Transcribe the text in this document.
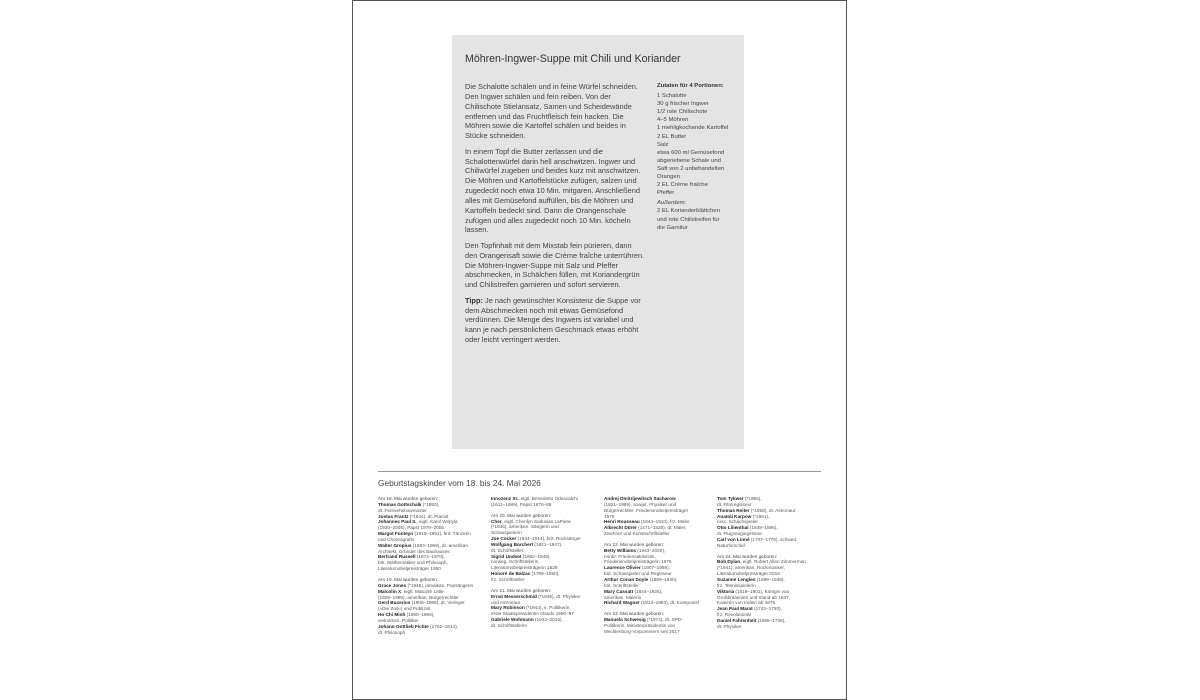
Möhren-Ingwer-Suppe mit Chili und Koriander

Die Schalotte schälen und in feine Würfel schneiden. Den Ingwer schälen und fein reiben. Von der Chilischote Stielansatz, Samen und Scheidewände entfernen und das Fruchtfleisch fein hacken. Die Möhren sowie die Kartoffel schälen und beides in Stücke schneiden.

In einem Topf die Butter zerlassen und die Schalottenwürfel darin hell anschwitzen. Ingwer und Chiliwürfel zugeben und beides kurz mit anschwitzen. Die Möhren und Kartoffelstücke zufügen, salzen und zugedeckt noch etwa 10 Min. mitgaren. Anschließend alles mit Gemüsefond auffüllen, bis die Möhren und Kartoffeln bedeckt sind. Dann die Orangenschale zufügen und alles zugedeckt noch 10 Min. köcheln lassen.

Den Topfinhalt mit dem Mixstab fein pürieren, dann den Orangensaft sowie die Crème fraîche unterrühren. Die Möhren-Ingwer-Suppe mit Salz und Pfeffer abschmecken, in Schälchen füllen, mit Koriandergrün und Chilistreifen garnieren und sofort servieren.

Tipp: Je nach gewünschter Konsistenz die Suppe vor dem Abschmecken noch mit etwas Gemüsefond verdünnen. Die Menge des Ingwers ist variabel und kann je nach persönlichem Geschmack etwas erhöht oder leicht verringert werden.

Zutaten für 4 Portionen:
1 Schalotte
30 g frischer Ingwer
1/2 rote Chilischote
4–5 Möhren
1 mehligkochende Kartoffel
2 EL Butter
Salz
etwa 600 ml Gemüsefond
abgeriebene Schale und
Saft von 2 unbehandelten
Orangen
2 EL Crème fraîche
Pfeffer
Außerdem:
2 EL Korianderblättchen
und rote Chilistreifen für
die Garnitur
Geburtstagskinder vom 18. bis 24. Mai 2026
Am 18. Mai wurden geboren:
Thomas Gottschalk (*1950),
dt. Fernsehshowmaster
Justus Frantz (*1944), dt. Pianist
Johannes Paul II., eigtl. Karol Wojtyla
(1920–2005), Papst 1978–2005
Margot Fonteyn (1919–1991), brit. Tänzerin
und Choreografin
Walter Gropius (1883–1969), dt.-amerikan.
Architekt, Gründer des Bauhauses
Bertrand Russell (1872–1970),
brit. Mathematiker und Philosoph,
Literaturnobelpreisträger 1950
Am 19. Mai wurden geboren:
Grace Jones (*1948), jamaikan. Popsängerin
Malcolm X, eigtl. Malcolm Little
(1925–1965), amerikan. Bürgerrechtler
Gerd Bucerius (1906–1995), dt. Verleger
(»Die Zeit«) und Publizist
Ho Chi Minh (1890–1969),
vietnames. Politiker
Johann Gottlieb Fichte (1762–1814),
dt. Philosoph
Innozenz XI., eigtl. Benedetto Odescalchi
(1611–1689), Papst 1676–89
Am 20. Mai wurden geboren:
Cher, eigtl. Cherilyn Sarkisian LaPiere
(*1946), amerikan. Sängerin und
Schauspielerin
Joe Cocker (1944–2014), brit. Rocksänger
Wolfgang Borchert (1921–1947),
dt. Schriftsteller
Sigrid Undset (1882–1949),
norweg. Schriftstellerin,
Literaturnobelpreisträgerin 1928
Honoré de Balzac (1799–1850),
frz. Schriftsteller
Am 21. Mai wurden geboren:
Ernst Messerschmid (*1945), dt. Physiker
und Astronaut
Mary Robinson (*1944), ir. Politikerin,
erste Staatspräsidentin Irlands 1990–97
Gabriele Wohmann (1932–2015),
dt. Schriftstellerin
Andrej Dmitrijewitsch Sacharow
(1921–1989), sowjet. Physiker und
Bürgerrechtler, Friedensnobelpreisträger
1975
Henri Rousseau (1844–1910), frz. Maler
Albrecht Dürer (1471–1528), dt. Maler,
Zeichner und Kunstschriftsteller
Am 22. Mai wurden geboren:
Betty Williams (1943–2020),
nordir. Friedensaktivistin,
Friedensnobelpreisträgerin 1976
Laurence Olivier (1907–1989),
brit. Schauspieler und Regisseur
Arthur Conan Doyle (1859–1930),
brit. Schriftsteller
Mary Cassatt (1844–1926),
amerikan. Malerin
Richard Wagner (1813–1883), dt. Komponist
Am 23. Mai wurden geboren:
Manuela Schwesig (*1974), dt. SPD-
Politikerin, Ministerpräsidentin von
Mecklenburg-Vorpommern seit 2017
Tom Tykwer (*1965),
dt. Filmregisseur
Thomas Reiter (*1958), dt. Astronaut
Anatoli Karpow (*1951),
russ. Schachspieler
Otto Lilienthal (1848–1896),
dt. Flugzeugingenieur
Carl von Linné (1707–1778), schwed.
Naturforscher
Am 24. Mai wurden geboren:
Bob Dylan, eigtl. Robert Allen Zimmerman
(*1941), amerikan. Rockmusiker,
Literaturnobelpreisträger 2016
Suzanne Lenglen (1899–1938),
frz. Tennisspielerin
Viktoria (1819–1901), Königin von
Großbritannien und Irland ab 1837,
Kaiserin von Indien ab 1876
Jean Paul Marat (1743–1793),
frz. Revolutionär
Daniel Fahrenheit (1686–1736),
dt. Physiker
